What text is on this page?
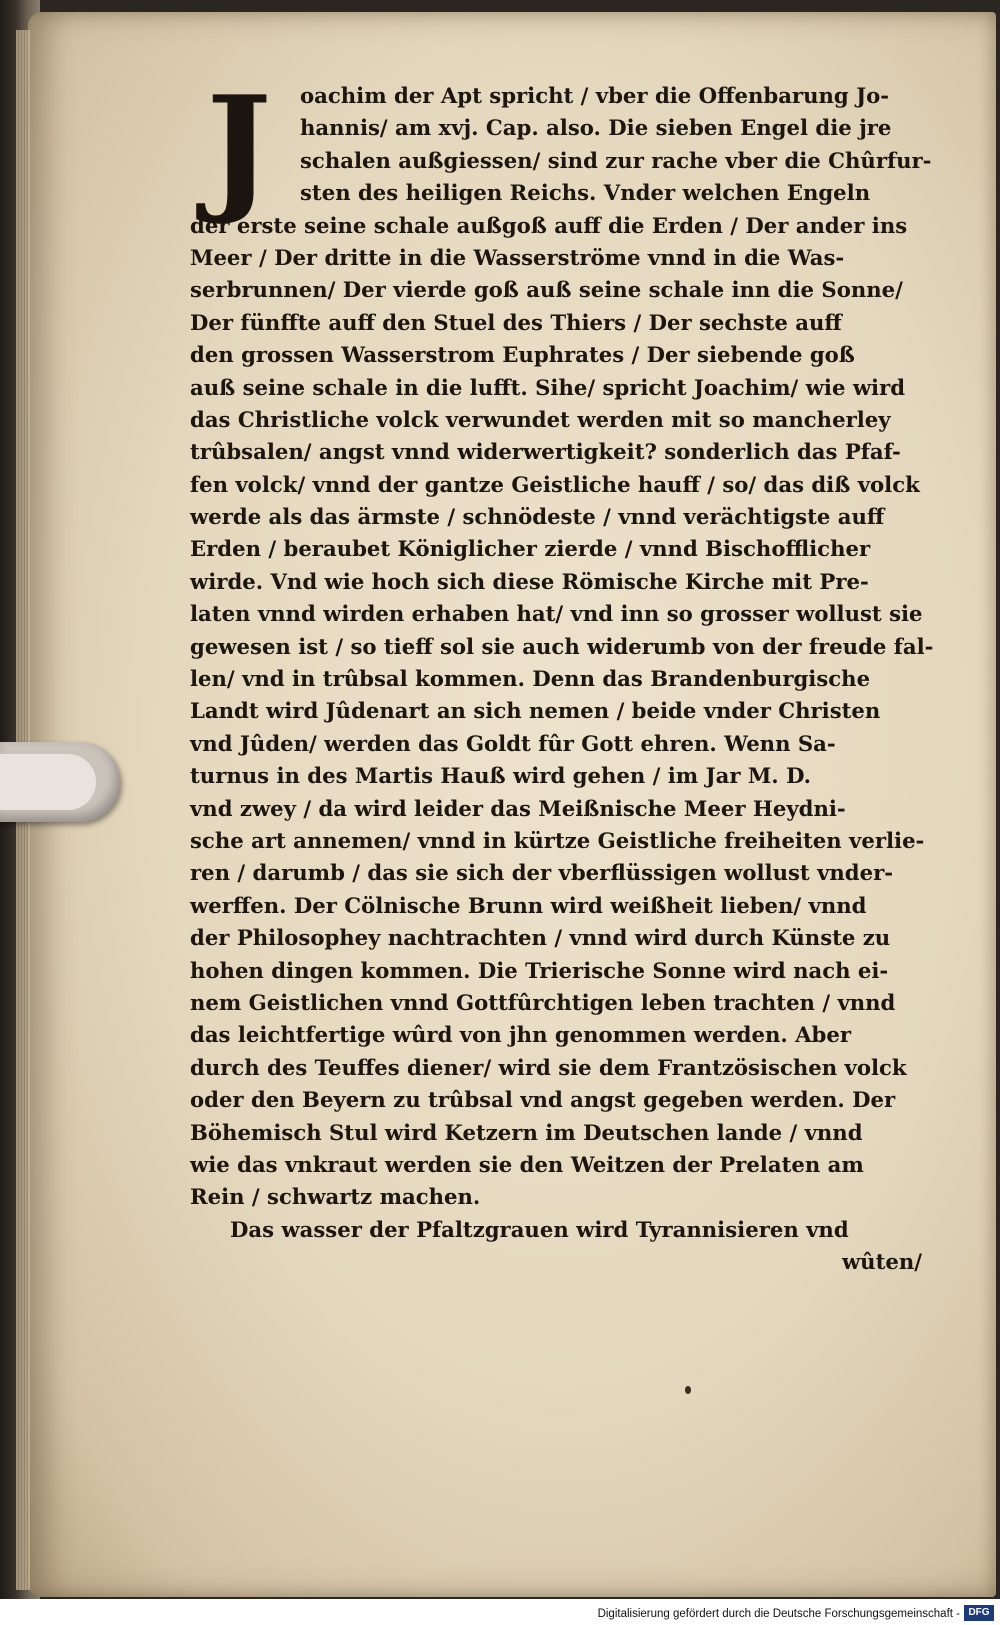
J	oachim der Apt spricht / vber die Offenbarung Jo-
hannis/ am xvj. Cap. also. Die sieben Engel die jre
schalen außgiessen/ sind zur rache vber die Chûrfur-
sten des heiligen Reichs. Vnder welchen Engeln
der erste seine schale außgoß auff die Erden / Der ander ins
Meer / Der dritte in die Wasserströme vnnd in die Was-
serbrunnen/ Der vierde goß auß seine schale inn die Sonne/
Der fünffte auff den Stuel des Thiers / Der sechste auff
den grossen Wasserstrom Euphrates / Der siebende goß
auß seine schale in die lufft. Sihe/ spricht Joachim/ wie wird
das Christliche volck verwundet werden mit so mancherley
trûbsalen/ angst vnnd widerwertigkeit? sonderlich das Pfaf-
fen volck/ vnnd der gantze Geistliche hauff / so/ das diß volck
werde als das ärmste / schnödeste / vnnd verächtigste auff
Erden / beraubet Königlicher zierde / vnnd Bischofflicher
wirde. Vnd wie hoch sich diese Römische Kirche mit Pre-
laten vnnd wirden erhaben hat/ vnd inn so grosser wollust sie
gewesen ist / so tieff sol sie auch widerumb von der freude fal-
len/ vnd in trûbsal kommen. Denn das Brandenburgische
Landt wird Jûdenart an sich nemen / beide vnder Christen
vnd Jûden/ werden das Goldt fûr Gott ehren. Wenn Sa-
turnus in des Martis Hauß wird gehen / im Jar M. D.
vnd zwey / da wird leider das Meißnische Meer Heydni-
sche art annemen/ vnnd in kürtze Geistliche freiheiten verlie-
ren / darumb / das sie sich der vberflüssigen wollust vnder-
werffen. Der Cölnische Brunn wird weißheit lieben/ vnnd
der Philosophey nachtrachten / vnnd wird durch Künste zu
hohen dingen kommen. Die Trierische Sonne wird nach ei-
nem Geistlichen vnnd Gottfûrchtigen leben trachten / vnnd
das leichtfertige wûrd von jhn genommen werden. Aber
durch des Teuffes diener/ wird sie dem Frantzösischen volck
oder den Beyern zu trûbsal vnd angst gegeben werden. Der
Böhemisch Stul wird Ketzern im Deutschen lande / vnnd
wie das vnkraut werden sie den Weitzen der Prelaten am
Rein / schwartz machen.
Das wasser der Pfaltzgrauen wird Tyrannisieren vnd
wûten/
Digitalisierung gefördert durch die Deutsche Forschungsgemeinschaft - DFG
